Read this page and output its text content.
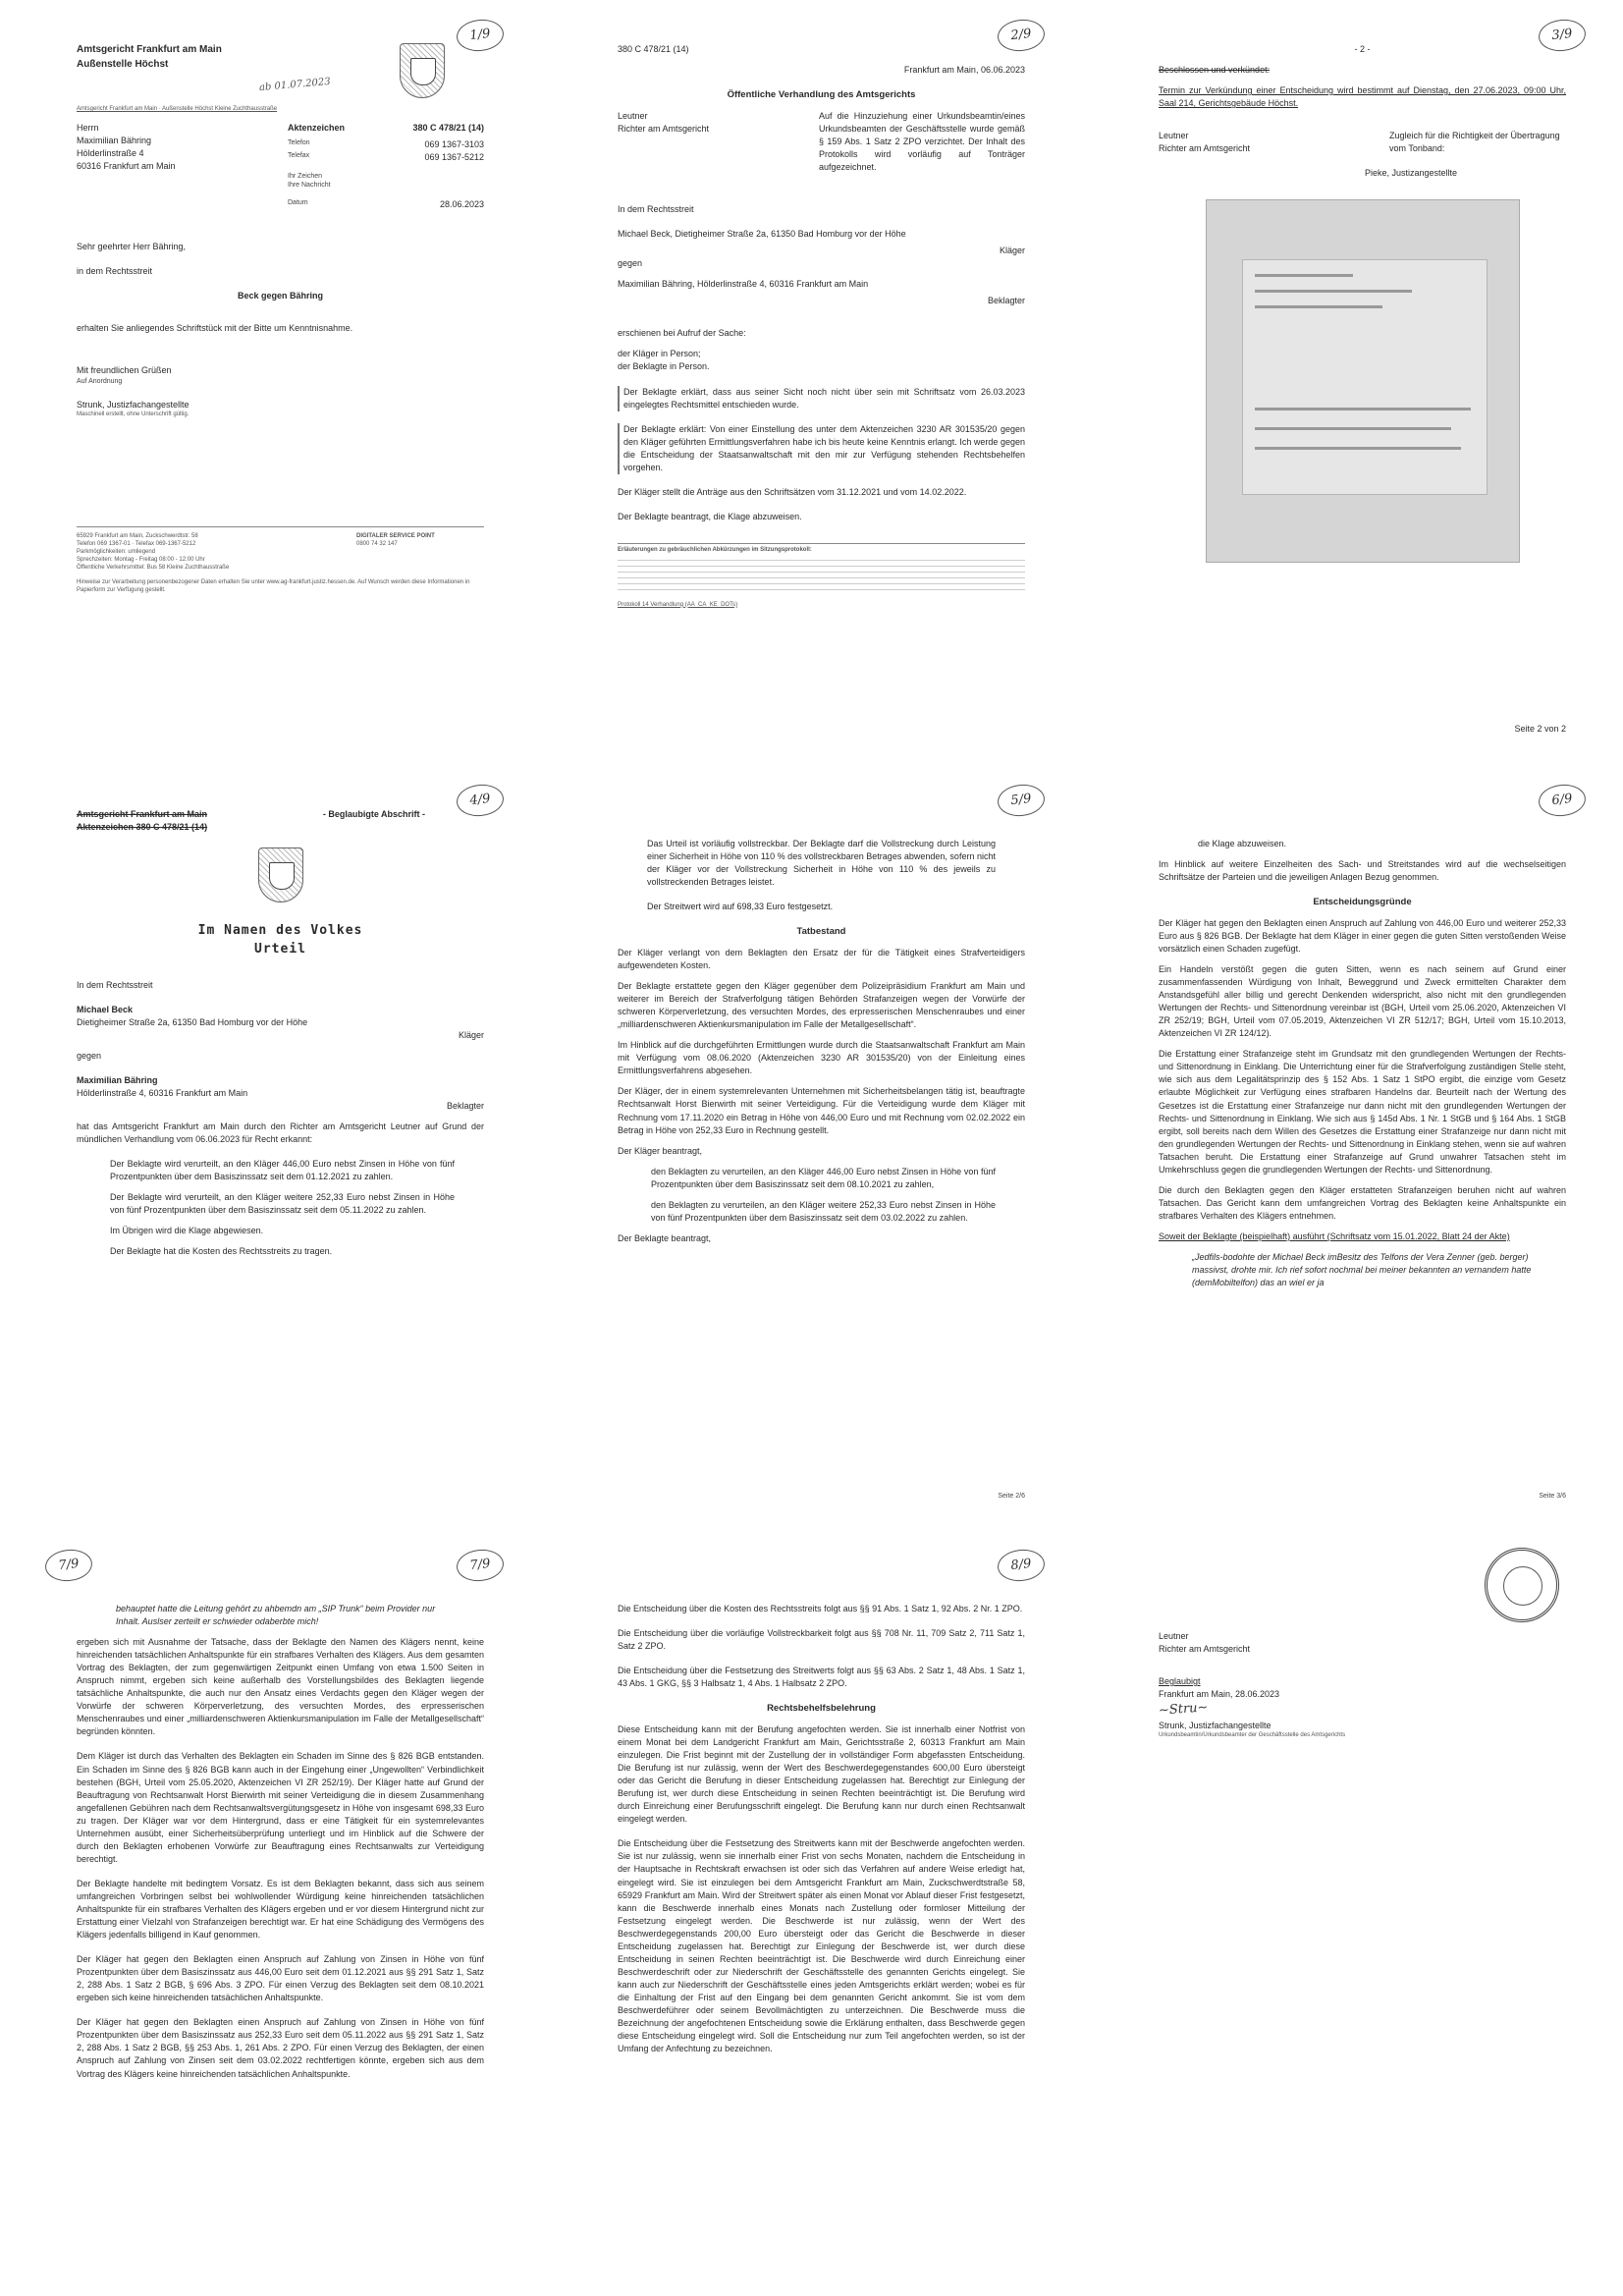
1/9
ab 01.07.2023
Amtsgericht Frankfurt am Main
Außenstelle Höchst
Amtsgericht Frankfurt am Main · Außenstelle Höchst Kleine Zuchthausstraße
Herrn
Maximilian Bähring
Hölderlinstraße 4
60316 Frankfurt am Main
Aktenzeichen	380 C 478/21 (14)
Telefon	069 1367-3103
Telefax	069 1367-5212
Ihr Zeichen
Ihre Nachricht
Datum	28.06.2023
Sehr geehrter Herr Bähring,
in dem Rechtsstreit
Beck gegen Bähring
erhalten Sie anliegendes Schriftstück mit der Bitte um Kenntnisnahme.
Mit freundlichen Grüßen
Auf Anordnung
Strunk, Justizfachangestellte
Maschinell erstellt, ohne Unterschrift gültig.
65929 Frankfurt am Main, Zuckschwerdtstr. 58
Telefon 069 1367-01 · Telefax 069-1367-5212
Parkmöglichkeiten: umliegend
Sprechzeiten: Montag - Freitag 08:00 - 12:00 Uhr
Öffentliche Verkehrsmittel: Bus 58 Kleine Zuchthausstraße
DIGITALER SERVICE POINT
0800 74 32 147
Hinweise zur Verarbeitung personenbezogener Daten erhalten Sie unter www.ag-frankfurt.justiz.hessen.de. Auf Wunsch werden diese Informationen in Papierform zur Verfügung gestellt.
2/9
380 C 478/21 (14)
Frankfurt am Main, 06.06.2023
Öffentliche Verhandlung des Amtsgerichts
Leutner
Richter am Amtsgericht
Auf die Hinzuziehung einer Urkundsbeamtin/eines Urkundsbeamten der Geschäftsstelle wurde gemäß § 159 Abs. 1 Satz 2 ZPO verzichtet. Der Inhalt des Protokolls wird vorläufig auf Tonträger aufgezeichnet.
In dem Rechtsstreit
Michael Beck, Dietigheimer Straße 2a, 61350 Bad Homburg vor der Höhe
Kläger
gegen
Maximilian Bähring, Hölderlinstraße 4, 60316 Frankfurt am Main
Beklagter
erschienen bei Aufruf der Sache:
der Kläger in Person;
der Beklagte in Person.
Der Beklagte erklärt, dass aus seiner Sicht noch nicht über sein mit Schriftsatz vom 26.03.2023 eingelegtes Rechtsmittel entschieden wurde.
Der Beklagte erklärt: Von einer Einstellung des unter dem Aktenzeichen 3230 AR 301535/20 gegen den Kläger geführten Ermittlungsverfahren habe ich bis heute keine Kenntnis erlangt. Ich werde gegen die Entscheidung der Staatsanwaltschaft mit den mir zur Verfügung stehenden Rechtsbehelfen vorgehen.
Der Kläger stellt die Anträge aus den Schriftsätzen vom 31.12.2021 und vom 14.02.2022.
Der Beklagte beantragt, die Klage abzuweisen.
Erläuterungen zu gebräuchlichen Abkürzungen im Sitzungsprotokoll:
Protokoll 14 Verhandlung (AA_CA_KE_DOTs)
3/9
- 2 -
Beschlossen und verkündet:
Termin zur Verkündung einer Entscheidung wird bestimmt auf Dienstag, den 27.06.2023, 09:00 Uhr, Saal 214, Gerichtsgebäude Höchst.
Leutner
Richter am Amtsgericht
Zugleich für die Richtigkeit der Übertragung vom Tonband:
Pieke, Justizangestellte
Seite 2 von 2
4/9
Amtsgericht Frankfurt am Main
Aktenzeichen 380 C 478/21 (14)
- Beglaubigte Abschrift -
Im Namen des Volkes
Urteil
In dem Rechtsstreit
Michael Beck
Dietigheimer Straße 2a, 61350 Bad Homburg vor der Höhe
Kläger
gegen
Maximilian Bähring
Hölderlinstraße 4, 60316 Frankfurt am Main
Beklagter
hat das Amtsgericht Frankfurt am Main durch den Richter am Amtsgericht Leutner auf Grund der mündlichen Verhandlung vom 06.06.2023 für Recht erkannt:
Der Beklagte wird verurteilt, an den Kläger 446,00 Euro nebst Zinsen in Höhe von fünf Prozentpunkten über dem Basiszinssatz seit dem 01.12.2021 zu zahlen.
Der Beklagte wird verurteilt, an den Kläger weitere 252,33 Euro nebst Zinsen in Höhe von fünf Prozentpunkten über dem Basiszinssatz seit dem 05.11.2022 zu zahlen.
Im Übrigen wird die Klage abgewiesen.
Der Beklagte hat die Kosten des Rechtsstreits zu tragen.
5/9
Das Urteil ist vorläufig vollstreckbar. Der Beklagte darf die Vollstreckung durch Leistung einer Sicherheit in Höhe von 110 % des vollstreckbaren Betrages abwenden, sofern nicht der Kläger vor der Vollstreckung Sicherheit in Höhe von 110 % des jeweils zu vollstreckenden Betrages leistet.
Der Streitwert wird auf 698,33 Euro festgesetzt.
Tatbestand
Der Kläger verlangt von dem Beklagten den Ersatz der für die Tätigkeit eines Strafverteidigers aufgewendeten Kosten.
Der Beklagte erstattete gegen den Kläger gegenüber dem Polizeipräsidium Frankfurt am Main und weiterer im Bereich der Strafverfolgung tätigen Behörden Strafanzeigen wegen der Vorwürfe der schweren Körperverletzung, des versuchten Mordes, des erpresserischen Menschenraubes und einer „milliardenschweren Aktienkursmanipulation im Falle der Metallgesellschaft“.
Im Hinblick auf die durchgeführten Ermittlungen wurde durch die Staatsanwaltschaft Frankfurt am Main mit Verfügung vom 08.06.2020 (Aktenzeichen 3230 AR 301535/20) von der Einleitung eines Ermittlungsverfahrens abgesehen.
Der Kläger, der in einem systemrelevanten Unternehmen mit Sicherheitsbelangen tätig ist, beauftragte Rechtsanwalt Horst Bierwirth mit seiner Verteidigung. Für die Verteidigung wurde dem Kläger mit Rechnung vom 17.11.2020 ein Betrag in Höhe von 446,00 Euro und mit Rechnung vom 02.02.2022 ein Betrag in Höhe von 252,33 Euro in Rechnung gestellt.
Der Kläger beantragt,
den Beklagten zu verurteilen, an den Kläger 446,00 Euro nebst Zinsen in Höhe von fünf Prozentpunkten über dem Basiszinssatz seit dem 08.10.2021 zu zahlen,
den Beklagten zu verurteilen, an den Kläger weitere 252,33 Euro nebst Zinsen in Höhe von fünf Prozentpunkten über dem Basiszinssatz seit dem 03.02.2022 zu zahlen.
Der Beklagte beantragt,
Seite 2/6
6/9
die Klage abzuweisen.
Im Hinblick auf weitere Einzelheiten des Sach- und Streitstandes wird auf die wechselseitigen Schriftsätze der Parteien und die jeweiligen Anlagen Bezug genommen.
Entscheidungsgründe
Der Kläger hat gegen den Beklagten einen Anspruch auf Zahlung von 446,00 Euro und weiterer 252,33 Euro aus § 826 BGB. Der Beklagte hat dem Kläger in einer gegen die guten Sitten verstoßenden Weise vorsätzlich einen Schaden zugefügt.
Ein Handeln verstößt gegen die guten Sitten, wenn es nach seinem auf Grund einer zusammenfassenden Würdigung von Inhalt, Beweggrund und Zweck ermittelten Charakter dem Anstandsgefühl aller billig und gerecht Denkenden widerspricht, also nicht mit den grundlegenden Wertungen der Rechts- und Sittenordnung vereinbar ist (BGH, Urteil vom 25.06.2020, Aktenzeichen VI ZR 252/19; BGH, Urteil vom 07.05.2019, Aktenzeichen VI ZR 512/17; BGH, Urteil vom 15.10.2013, Aktenzeichen VI ZR 124/12).
Die Erstattung einer Strafanzeige steht im Grundsatz mit den grundlegenden Wertungen der Rechts- und Sittenordnung in Einklang. Die Unterrichtung einer für die Strafverfolgung zuständigen Stelle steht, wie sich aus dem Legalitätsprinzip des § 152 Abs. 1 Satz 1 StPO ergibt, die einzige vom Gesetz erlaubte Möglichkeit zur Verfügung eines strafbaren Handelns dar. Beurteilt nach der Wertung des Gesetzes ist die Erstattung einer Strafanzeige nur dann nicht mit den grundlegenden Wertungen der Rechts- und Sittenordnung in Einklang. Wie sich aus § 145d Abs. 1 Nr. 1 StGB und § 164 Abs. 1 StGB ergibt, soll bereits nach dem Willen des Gesetzes die Erstattung einer Strafanzeige nur dann nicht mit den grundlegenden Wertungen der Rechts- und Sittenordnung in Einklang stehen, wenn sie auf wahren Tatsachen beruht. Die Erstattung einer Strafanzeige auf Grund unwahrer Tatsachen steht im Umkehrschluss gegen die grundlegenden Wertungen der Rechts- und Sittenordnung.
Die durch den Beklagten gegen den Kläger erstatteten Strafanzeigen beruhen nicht auf wahren Tatsachen. Das Gericht kann dem umfangreichen Vortrag des Beklagten keine Anhaltspunkte ein strafbares Verhalten des Klägers entnehmen.
Soweit der Beklagte (beispielhaft) ausführt (Schriftsatz vom 15.01.2022, Blatt 24 der Akte)
„Jedfils-bodohte der Michael Beck imBesitz des Telfons der Vera Zenner (geb. berger) massivst, drohte mir. Ich rief sofort nochmal bei meiner bekannten an vernandem hatte (demMobiltelfon) das an wiel er ja
Seite 3/6
7/9	7/9
behauptet hatte die Leitung gehört zu ahbemdn am „SIP Trunk“ beim Provider nur Inhalt. Auslser zerteilt er schwieder odaberbte mich!
ergeben sich mit Ausnahme der Tatsache, dass der Beklagte den Namen des Klägers nennt, keine hinreichenden tatsächlichen Anhaltspunkte für ein strafbares Verhalten des Klägers. Aus dem gesamten Vortrag des Beklagten, der zum gegenwärtigen Zeitpunkt einen Umfang von etwa 1.500 Seiten in Anspruch nimmt, ergeben sich keine außerhalb des Vorstellungsbildes des Beklagten liegende tatsächliche Anhaltspunkte, die auch nur den Ansatz eines Verdachts gegen den Kläger wegen der Vorwürfe der schweren Körperverletzung, des versuchten Mordes, des erpresserischen Menschenraubes und einer „milliardenschweren Aktienkursmanipulation im Falle der Metallgesellschaft“ begründen könnten.
Dem Kläger ist durch das Verhalten des Beklagten ein Schaden im Sinne des § 826 BGB entstanden. Ein Schaden im Sinne des § 826 BGB kann auch in der Eingehung einer „Ungewollten“ Verbindlichkeit bestehen (BGH, Urteil vom 25.05.2020, Aktenzeichen VI ZR 252/19). Der Kläger hatte auf Grund der Beauftragung von Rechtsanwalt Horst Bierwirth mit seiner Verteidigung die in diesem Zusammenhang angefallenen Gebühren nach dem Rechtsanwaltsvergütungsgesetz in Höhe von insgesamt 698,33 Euro zu tragen. Der Kläger war vor dem Hintergrund, dass er eine Tätigkeit für ein systemrelevantes Unternehmen ausübt, einer Sicherheitsüberprüfung unterliegt und im Hinblick auf die Schwere der durch den Beklagten erhobenen Vorwürfe zur Beauftragung eines Rechtsanwalts zur Verteidigung berechtigt.
Der Beklagte handelte mit bedingtem Vorsatz. Es ist dem Beklagten bekannt, dass sich aus seinem umfangreichen Vorbringen selbst bei wohlwollender Würdigung keine hinreichenden tatsächlichen Anhaltspunkte für ein strafbares Verhalten des Klägers ergeben und er vor diesem Hintergrund nicht zur Erstattung einer Vielzahl von Strafanzeigen berechtigt war. Er hat eine Schädigung des Vermögens des Klägers jedenfalls billigend in Kauf genommen.
Der Kläger hat gegen den Beklagten einen Anspruch auf Zahlung von Zinsen in Höhe von fünf Prozentpunkten über dem Basiszinssatz aus 446,00 Euro seit dem 01.12.2021 aus §§ 291 Satz 1, Satz 2, 288 Abs. 1 Satz 2 BGB, § 696 Abs. 3 ZPO. Für einen Verzug des Beklagten seit dem 08.10.2021 ergeben sich keine hinreichenden tatsächlichen Anhaltspunkte.
Der Kläger hat gegen den Beklagten einen Anspruch auf Zahlung von Zinsen in Höhe von fünf Prozentpunkten über dem Basiszinssatz aus 252,33 Euro seit dem 05.11.2022 aus §§ 291 Satz 1, Satz 2, 288 Abs. 1 Satz 2 BGB, §§ 253 Abs. 1, 261 Abs. 2 ZPO. Für einen Verzug des Beklagten, der einen Anspruch auf Zahlung von Zinsen seit dem 03.02.2022 rechtfertigen könnte, ergeben sich aus dem Vortrag des Klägers keine hinreichenden tatsächlichen Anhaltspunkte.
8/9
Die Entscheidung über die Kosten des Rechtsstreits folgt aus §§ 91 Abs. 1 Satz 1, 92 Abs. 2 Nr. 1 ZPO.
Die Entscheidung über die vorläufige Vollstreckbarkeit folgt aus §§ 708 Nr. 11, 709 Satz 2, 711 Satz 1, Satz 2 ZPO.
Die Entscheidung über die Festsetzung des Streitwerts folgt aus §§ 63 Abs. 2 Satz 1, 48 Abs. 1 Satz 1, 43 Abs. 1 GKG, §§ 3 Halbsatz 1, 4 Abs. 1 Halbsatz 2 ZPO.
Rechtsbehelfsbelehrung
Diese Entscheidung kann mit der Berufung angefochten werden. Sie ist innerhalb einer Notfrist von einem Monat bei dem Landgericht Frankfurt am Main, Gerichtsstraße 2, 60313 Frankfurt am Main einzulegen. Die Frist beginnt mit der Zustellung der in vollständiger Form abgefassten Entscheidung. Die Berufung ist nur zulässig, wenn der Wert des Beschwerdegegenstandes 600,00 Euro übersteigt oder das Gericht die Berufung in dieser Entscheidung zugelassen hat. Berechtigt zur Einlegung der Berufung ist, wer durch diese Entscheidung in seinen Rechten beeinträchtigt ist. Die Berufung wird durch Einreichung einer Berufungsschrift eingelegt. Die Berufung kann nur durch einen Rechtsanwalt eingelegt werden.
Die Entscheidung über die Festsetzung des Streitwerts kann mit der Beschwerde angefochten werden. Sie ist nur zulässig, wenn sie innerhalb einer Frist von sechs Monaten, nachdem die Entscheidung in der Hauptsache in Rechtskraft erwachsen ist oder sich das Verfahren auf andere Weise erledigt hat, eingelegt wird. Sie ist einzulegen bei dem Amtsgericht Frankfurt am Main, Zuckschwerdtstraße 58, 65929 Frankfurt am Main. Wird der Streitwert später als einen Monat vor Ablauf dieser Frist festgesetzt, kann die Beschwerde innerhalb eines Monats nach Zustellung oder formloser Mitteilung der Festsetzung eingelegt werden. Die Beschwerde ist nur zulässig, wenn der Wert des Beschwerdegegenstands 200,00 Euro übersteigt oder das Gericht die Beschwerde in dieser Entscheidung zugelassen hat. Berechtigt zur Einlegung der Beschwerde ist, wer durch diese Entscheidung in seinen Rechten beeinträchtigt ist. Die Beschwerde wird durch Einreichung einer Beschwerdeschrift oder zur Niederschrift der Geschäftsstelle des genannten Gerichts eingelegt. Sie kann auch zur Niederschrift der Geschäftsstelle eines jeden Amtsgerichts erklärt werden; wobei es für die Einhaltung der Frist auf den Eingang bei dem genannten Gericht ankommt. Sie ist vom dem Beschwerdeführer oder seinem Bevollmächtigten zu unterzeichnen. Die Beschwerde muss die Bezeichnung der angefochtenen Entscheidung sowie die Erklärung enthalten, dass Beschwerde gegen diese Entscheidung eingelegt wird. Soll die Entscheidung nur zum Teil angefochten werden, so ist der Umfang der Anfechtung zu bezeichnen.
Leutner
Richter am Amtsgericht
Beglaubigt
Frankfurt am Main, 28.06.2023
~Stru~
Strunk, Justizfachangestellte
Urkundsbeamtin/Urkundsbeamter der Geschäftsstelle des Amtsgerichts
